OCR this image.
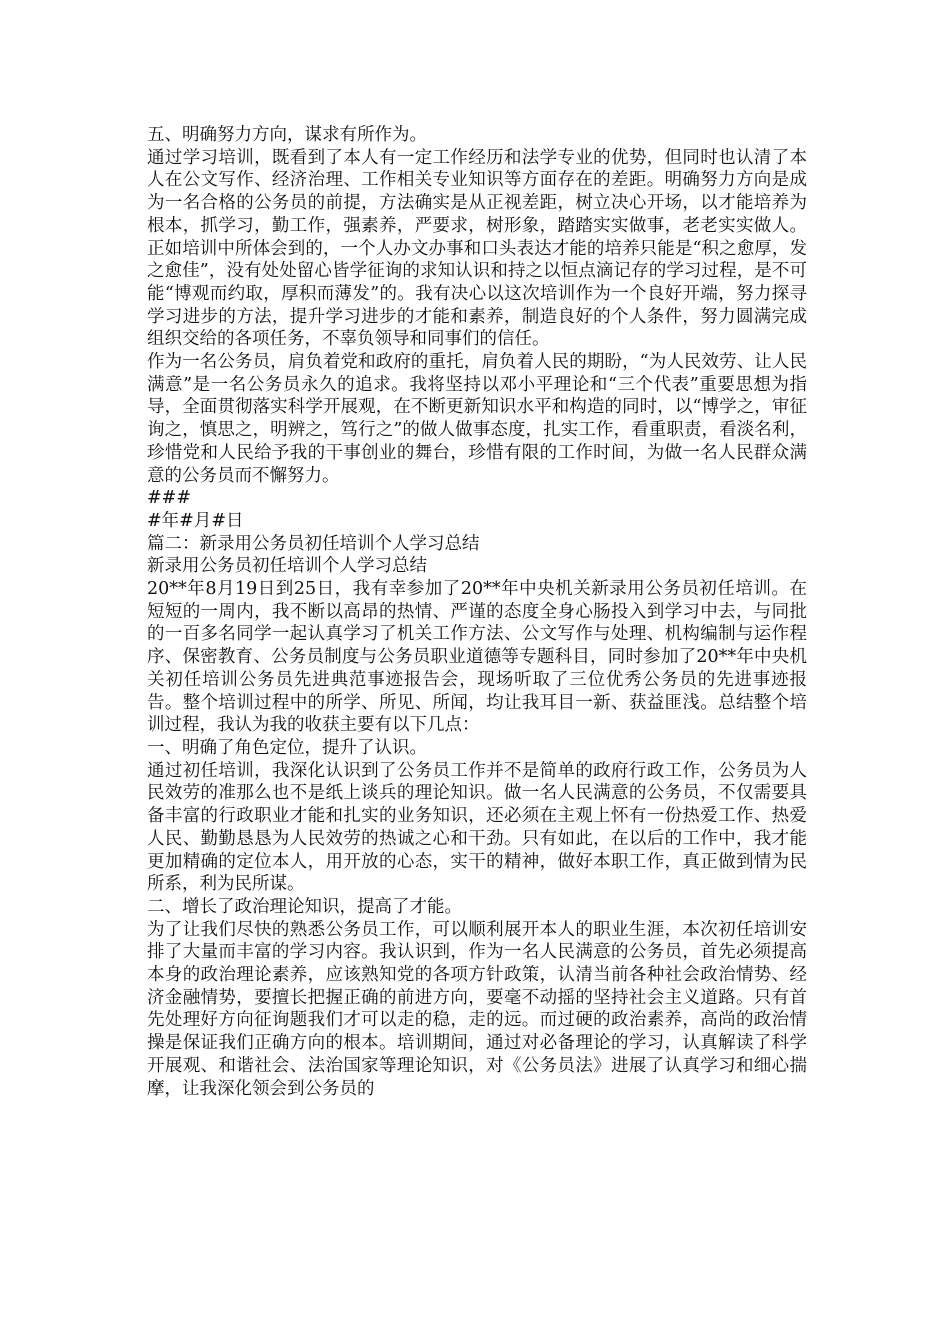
五、明确努力方向，谋求有所作为。

通过学习培训，既看到了本人有一定工作经历和法学专业的优势，但同时也认清了本人在公文写作、经济治理、工作相关专业知识等方面存在的差距。明确努力方向是成为一名合格的公务员的前提，方法确实是从正视差距，树立决心开场，以才能培养为根本，抓学习，勤工作，强素养，严要求，树形象，踏踏实实做事，老老实实做人。正如培训中所体会到的，一个人办文办事和口头表达才能的培养只能是“积之愈厚，发之愈佳”，没有处处留心皆学征询的求知认识和持之以恒点滴记存的学习过程，是不可能“博观而约取，厚积而薄发”的。我有决心以这次培训作为一个良好开端，努力探寻学习进步的方法，提升学习进步的才能和素养，制造良好的个人条件，努力圆满完成组织交给的各项任务，不辜负领导和同事们的信任。

作为一名公务员，肩负着党和政府的重托，肩负着人民的期盼，“为人民效劳、让人民满意”是一名公务员永久的追求。我将坚持以邓小平理论和“三个代表”重要思想为指导，全面贯彻落实科学开展观，在不断更新知识水平和构造的同时，以“博学之，审征询之，慎思之，明辨之，笃行之”的做人做事态度，扎实工作，看重职责，看淡名利，珍惜党和人民给予我的干事创业的舞台，珍惜有限的工作时间，为做一名人民群众满意的公务员而不懈努力。

###

#年#月#日

篇二：新录用公务员初任培训个人学习总结

新录用公务员初任培训个人学习总结

20**年8月19日到25日，我有幸参加了20**年中央机关新录用公务员初任培训。在短短的一周内，我不断以高昂的热情、严谨的态度全身心肠投入到学习中去，与同批的一百多名同学一起认真学习了机关工作方法、公文写作与处理、机构编制与运作程序、保密教育、公务员制度与公务员职业道德等专题科目，同时参加了20**年中央机关初任培训公务员先进典范事迹报告会，现场听取了三位优秀公务员的先进事迹报告。整个培训过程中的所学、所见、所闻，均让我耳目一新、获益匪浅。总结整个培训过程，我认为我的收获主要有以下几点：

一、明确了角色定位，提升了认识。

通过初任培训，我深化认识到了公务员工作并不是简单的政府行政工作，公务员为人民效劳的准那么也不是纸上谈兵的理论知识。做一名人民满意的公务员，不仅需要具备丰富的行政职业才能和扎实的业务知识，还必须在主观上怀有一份热爱工作、热爱人民、勤勤恳恳为人民效劳的热诚之心和干劲。只有如此，在以后的工作中，我才能更加精确的定位本人，用开放的心态，实干的精神，做好本职工作，真正做到情为民所系，利为民所谋。

二、增长了政治理论知识，提高了才能。

为了让我们尽快的熟悉公务员工作，可以顺利展开本人的职业生涯，本次初任培训安排了大量而丰富的学习内容。我认识到，作为一名人民满意的公务员，首先必须提高本身的政治理论素养，应该熟知党的各项方针政策，认清当前各种社会政治情势、经济金融情势，要擅长把握正确的前进方向，要毫不动摇的坚持社会主义道路。只有首先处理好方向征询题我们才可以走的稳，走的远。而过硬的政治素养，高尚的政治情操是保证我们正确方向的根本。培训期间，通过对必备理论的学习，认真解读了科学开展观、和谐社会、法治国家等理论知识，对《公务员法》进展了认真学习和细心揣摩，让我深化领会到公务员的
